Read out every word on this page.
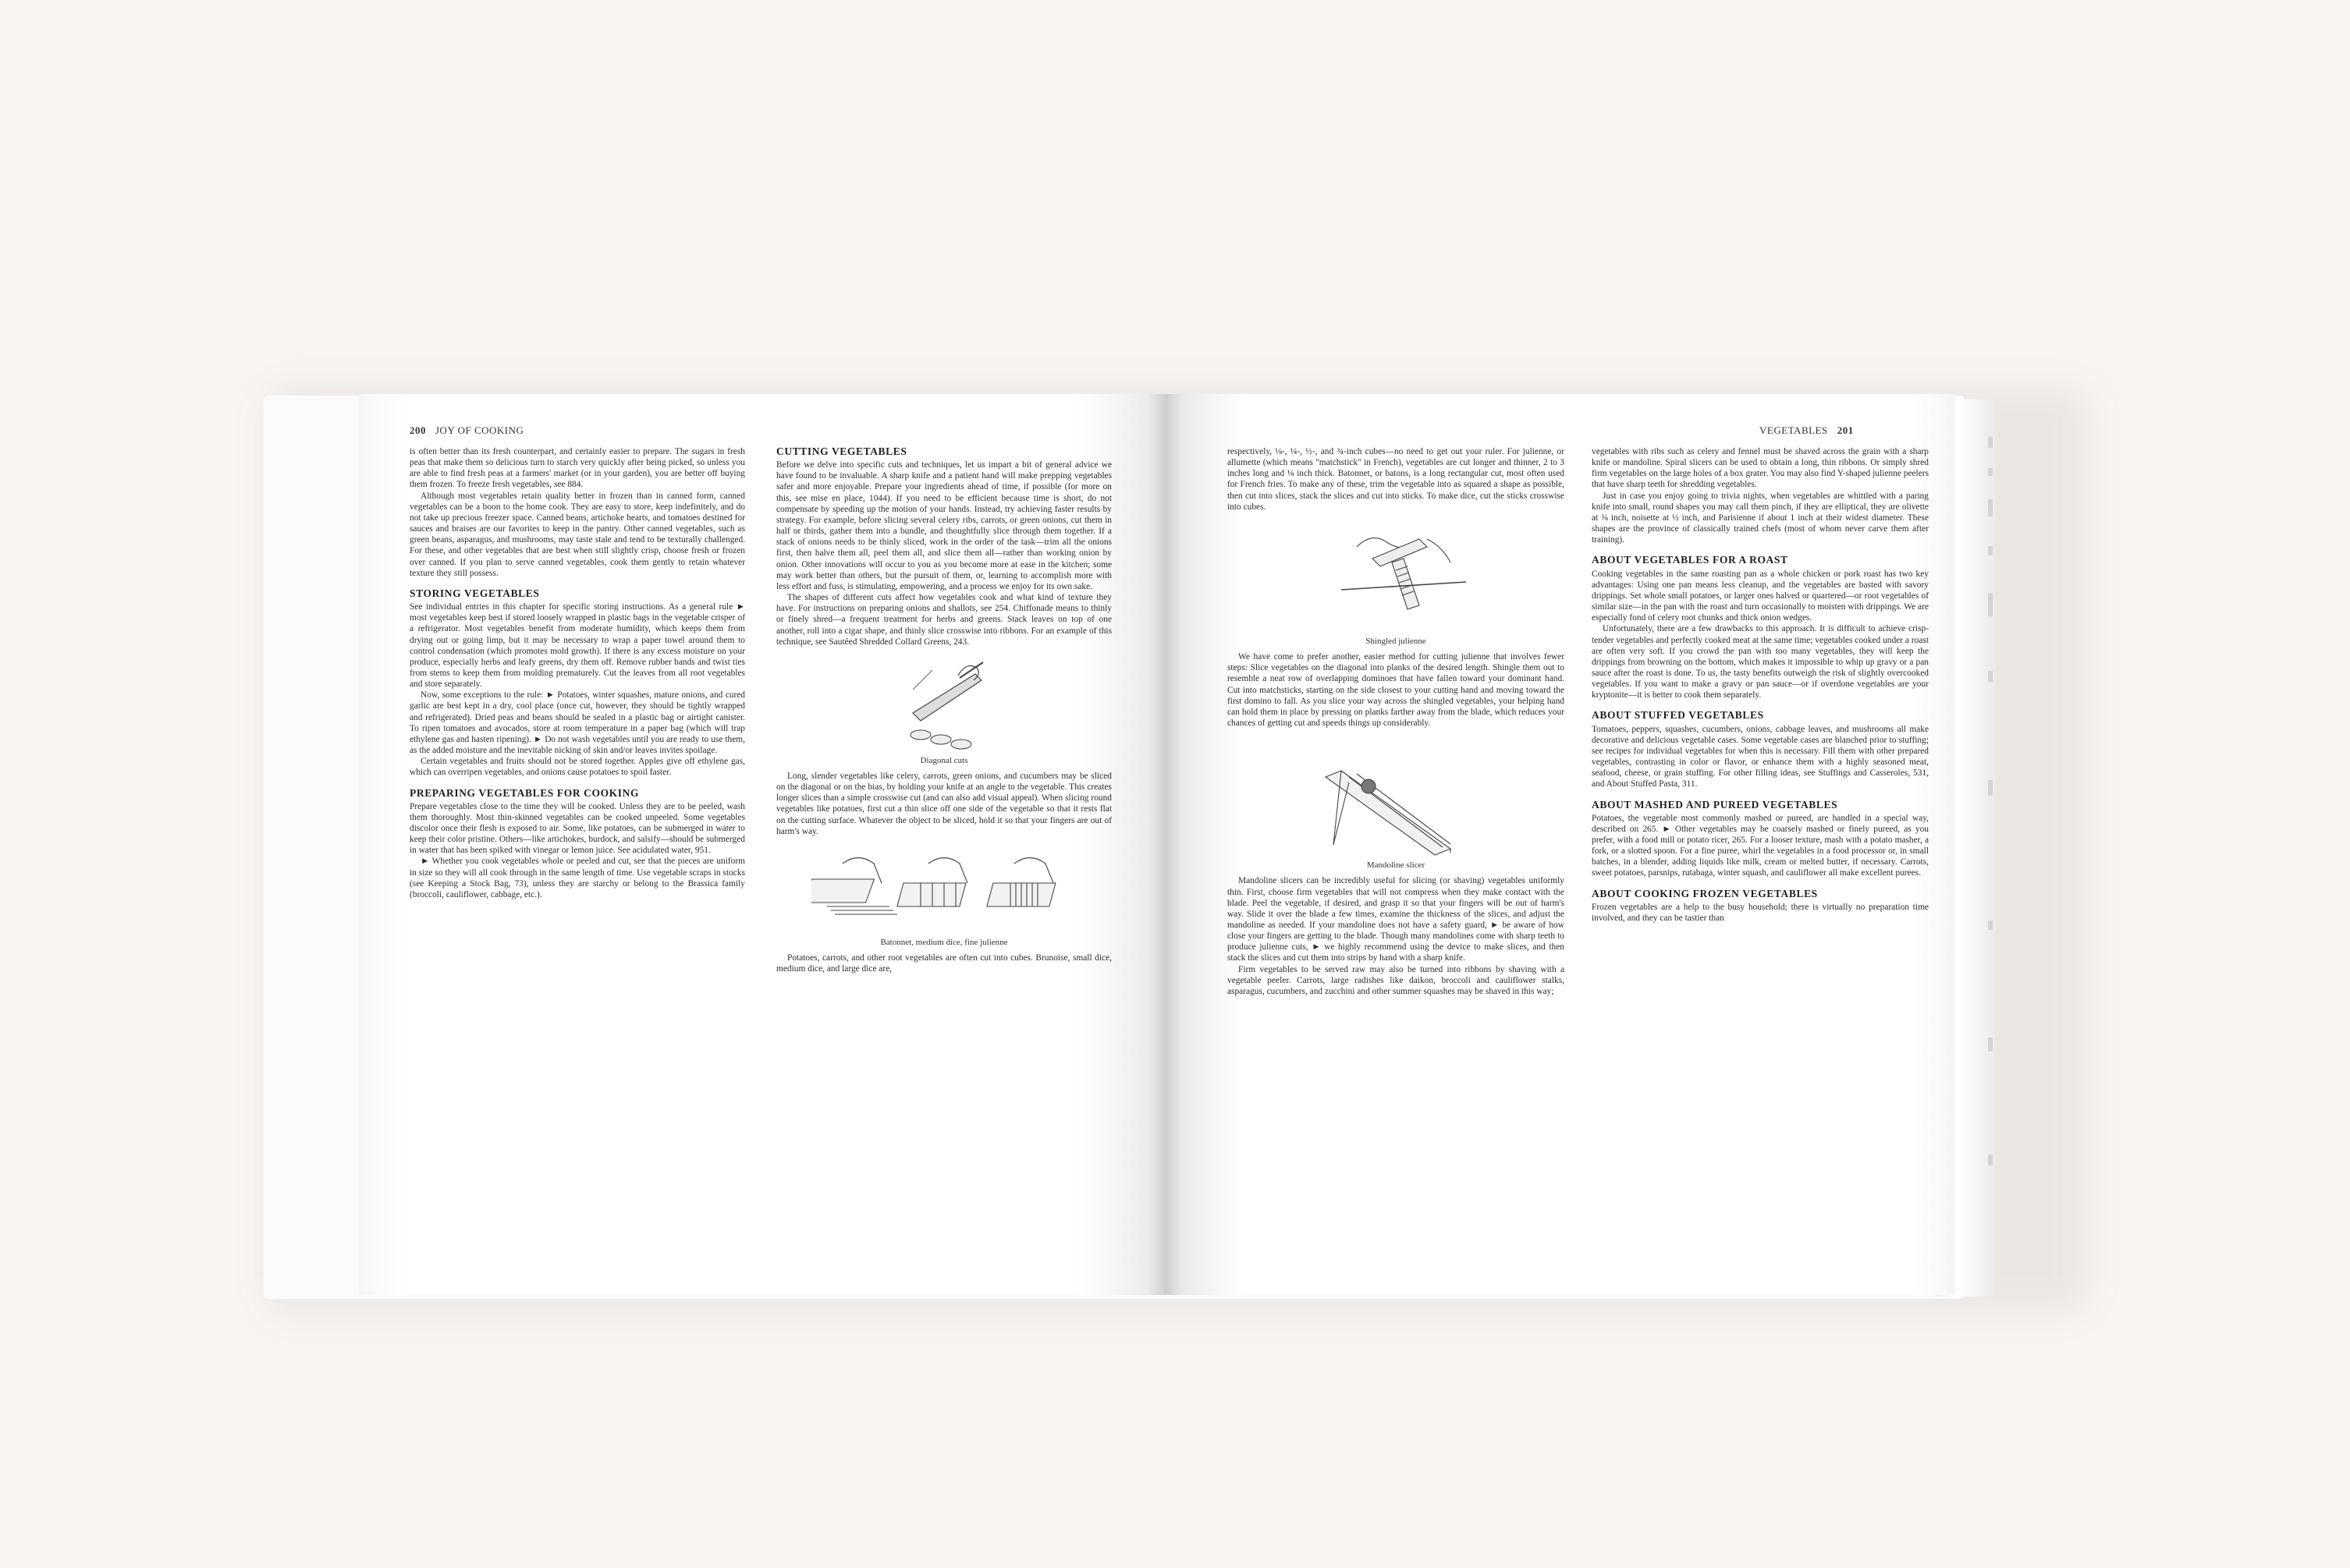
200 JOY OF COOKING	VEGETABLES 201

is often better than its fresh counterpart, and certainly easier to prepare. The sugars in fresh peas that make them so delicious turn to starch very quickly after being picked, so unless you are able to find fresh peas at a farmers' market (or in your garden), you are better off buying them frozen. To freeze fresh vegetables, see 884.

Although most vegetables retain quality better in frozen than in canned form, canned vegetables can be a boon to the home cook. They are easy to store, keep indefinitely, and do not take up precious freezer space. Canned beans, artichoke hearts, and tomatoes destined for sauces and braises are our favorites to keep in the pantry. Other canned vegetables, such as green beans, asparagus, and mushrooms, may taste stale and tend to be texturally challenged. For these, and other vegetables that are best when still slightly crisp, choose fresh or frozen over canned. If you plan to serve canned vegetables, cook them gently to retain whatever texture they still possess.

STORING VEGETABLES

See individual entries in this chapter for specific storing instructions. As a general rule ► most vegetables keep best if stored loosely wrapped in plastic bags in the vegetable crisper of a refrigerator. Most vegetables benefit from moderate humidity, which keeps them from drying out or going limp, but it may be necessary to wrap a paper towel around them to control condensation (which promotes mold growth). If there is any excess moisture on your produce, especially herbs and leafy greens, dry them off. Remove rubber bands and twist ties from stems to keep them from molding prematurely. Cut the leaves from all root vegetables and store separately.

Now, some exceptions to the rule: ► Potatoes, winter squashes, mature onions, and cured garlic are best kept in a dry, cool place (once cut, however, they should be tightly wrapped and refrigerated). Dried peas and beans should be sealed in a plastic bag or airtight canister. To ripen tomatoes and avocados, store at room temperature in a paper bag (which will trap ethylene gas and hasten ripening). ► Do not wash vegetables until you are ready to use them, as the added moisture and the inevitable nicking of skin and/or leaves invites spoilage.

Certain vegetables and fruits should not be stored together. Apples give off ethylene gas, which can overripen vegetables, and onions cause potatoes to spoil faster.

PREPARING VEGETABLES FOR COOKING

Prepare vegetables close to the time they will be cooked. Unless they are to be peeled, wash them thoroughly. Most thin-skinned vegetables can be cooked unpeeled. Some vegetables discolor once their flesh is exposed to air. Some, like potatoes, can be submerged in water to keep their color pristine. Others—like artichokes, burdock, and salsify—should be submerged in water that has been spiked with vinegar or lemon juice. See acidulated water, 951.

► Whether you cook vegetables whole or peeled and cut, see that the pieces are uniform in size so they will all cook through in the same length of time. Use vegetable scraps in stocks (see Keeping a Stock Bag, 73), unless they are starchy or belong to the Brassica family (broccoli, cauliflower, cabbage, etc.).

CUTTING VEGETABLES

Before we delve into specific cuts and techniques, let us impart a bit of general advice we have found to be invaluable. A sharp knife and a patient hand will make prepping vegetables safer and more enjoyable. Prepare your ingredients ahead of time, if possible (for more on this, see mise en place, 1044). If you need to be efficient because time is short, do not compensate by speeding up the motion of your hands. Instead, try achieving faster results by strategy. For example, before slicing several celery ribs, carrots, or green onions, cut them in half or thirds, gather them into a bundle, and thoughtfully slice through them together. If a stack of onions needs to be thinly sliced, work in the order of the task—trim all the onions first, then halve them all, peel them all, and slice them all—rather than working onion by onion. Other innovations will occur to you as you become more at ease in the kitchen; some may work better than others, but the pursuit of them, or, learning to accomplish more with less effort and fuss, is stimulating, empowering, and a process we enjoy for its own sake.

The shapes of different cuts affect how vegetables cook and what kind of texture they have. For instructions on preparing onions and shallots, see 254. Chiffonade means to thinly or finely shred—a frequent treatment for herbs and greens. Stack leaves on top of one another, roll into a cigar shape, and thinly slice crosswise into ribbons. For an example of this technique, see Sautéed Shredded Collard Greens, 243.

Diagonal cuts

Long, slender vegetables like celery, carrots, green onions, and cucumbers may be sliced on the diagonal or on the bias, by holding your knife at an angle to the vegetable. This creates longer slices than a simple crosswise cut (and can also add visual appeal). When slicing round vegetables like potatoes, first cut a thin slice off one side of the vegetable so that it rests flat on the cutting surface. Whatever the object to be sliced, hold it so that your fingers are out of harm's way.

Batonnet, medium dice, fine julienne

Potatoes, carrots, and other root vegetables are often cut into cubes. Brunoise, small dice, medium dice, and large dice are,

respectively, ⅛-, ¼-, ½-, and ¾-inch cubes—no need to get out your ruler. For julienne, or allumette (which means "matchstick" in French), vegetables are cut longer and thinner, 2 to 3 inches long and ⅛ inch thick. Batonnet, or batons, is a long rectangular cut, most often used for French fries. To make any of these, trim the vegetable into as squared a shape as possible, then cut into slices, stack the slices and cut into sticks. To make dice, cut the sticks crosswise into cubes.

Shingled julienne

We have come to prefer another, easier method for cutting julienne that involves fewer steps: Slice vegetables on the diagonal into planks of the desired length. Shingle them out to resemble a neat row of overlapping dominoes that have fallen toward your dominant hand. Cut into matchsticks, starting on the side closest to your cutting hand and moving toward the first domino to fall. As you slice your way across the shingled vegetables, your helping hand can hold them in place by pressing on planks farther away from the blade, which reduces your chances of getting cut and speeds things up considerably.

Mandoline slicer

Mandoline slicers can be incredibly useful for slicing (or shaving) vegetables uniformly thin. First, choose firm vegetables that will not compress when they make contact with the blade. Peel the vegetable, if desired, and grasp it so that your fingers will be out of harm's way. Slide it over the blade a few times, examine the thickness of the slices, and adjust the mandoline as needed. If your mandoline does not have a safety guard, ► be aware of how close your fingers are getting to the blade. Though many mandolines come with sharp teeth to produce julienne cuts, ► we highly recommend using the device to make slices, and then stack the slices and cut them into strips by hand with a sharp knife.

Firm vegetables to be served raw may also be turned into ribbons by shaving with a vegetable peeler. Carrots, large radishes like daikon, broccoli and cauliflower stalks, asparagus, cucumbers, and zucchini and other summer squashes may be shaved in this way;

vegetables with ribs such as celery and fennel must be shaved across the grain with a sharp knife or mandoline. Spiral slicers can be used to obtain a long, thin ribbons. Or simply shred firm vegetables on the large holes of a box grater. You may also find Y-shaped julienne peelers that have sharp teeth for shredding vegetables.

Just in case you enjoy going to trivia nights, when vegetables are whittled with a paring knife into small, round shapes you may call them pinch, if they are elliptical, they are olivette at ⅜ inch, noisette at ½ inch, and Parisienne if about 1 inch at their widest diameter. These shapes are the province of classically trained chefs (most of whom never carve them after training).

ABOUT VEGETABLES FOR A ROAST

Cooking vegetables in the same roasting pan as a whole chicken or pork roast has two key advantages: Using one pan means less cleanup, and the vegetables are basted with savory drippings. Set whole small potatoes, or larger ones halved or quartered—or root vegetables of similar size—in the pan with the roast and turn occasionally to moisten with drippings. We are especially fond of celery root chunks and thick onion wedges.

Unfortunately, there are a few drawbacks to this approach. It is difficult to achieve crisp-tender vegetables and perfectly cooked meat at the same time; vegetables cooked under a roast are often very soft. If you crowd the pan with too many vegetables, they will keep the drippings from browning on the bottom, which makes it impossible to whip up gravy or a pan sauce after the roast is done. To us, the tasty benefits outweigh the risk of slightly overcooked vegetables. If you want to make a gravy or pan sauce—or if overdone vegetables are your kryptonite—it is better to cook them separately.

ABOUT STUFFED VEGETABLES

Tomatoes, peppers, squashes, cucumbers, onions, cabbage leaves, and mushrooms all make decorative and delicious vegetable cases. Some vegetable cases are blanched prior to stuffing; see recipes for individual vegetables for when this is necessary. Fill them with other prepared vegetables, contrasting in color or flavor, or enhance them with a highly seasoned meat, seafood, cheese, or grain stuffing. For other filling ideas, see Stuffings and Casseroles, 531, and About Stuffed Pasta, 311.

ABOUT MASHED AND PUREED VEGETABLES

Potatoes, the vegetable most commonly mashed or pureed, are handled in a special way, described on 265. ► Other vegetables may be coarsely mashed or finely pureed, as you prefer, with a food mill or potato ricer, 265. For a looser texture, mash with a potato masher, a fork, or a slotted spoon. For a fine puree, whirl the vegetables in a food processor or, in small batches, in a blender, adding liquids like milk, cream or melted butter, if necessary. Carrots, sweet potatoes, parsnips, rutabaga, winter squash, and cauliflower all make excellent purees.

ABOUT COOKING FROZEN VEGETABLES

Frozen vegetables are a help to the busy household; there is virtually no preparation time involved, and they can be tastier than
